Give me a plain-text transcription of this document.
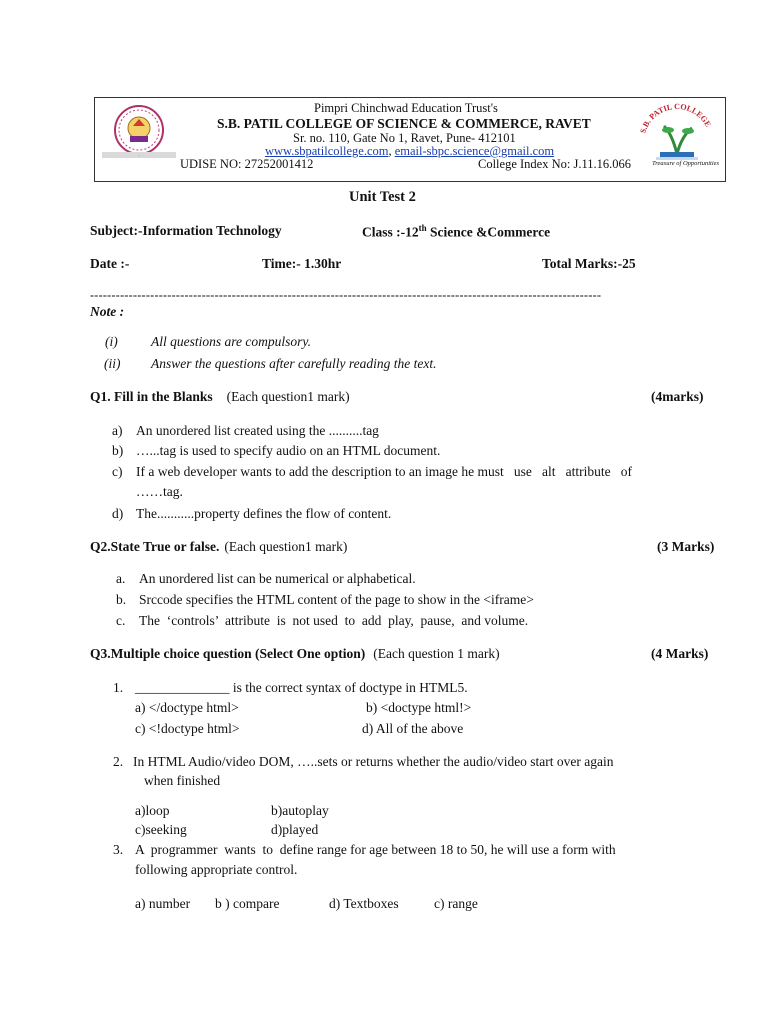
·
S.B. PATIL COLLEGE
Treasure of Opportunities
Pimpri Chinchwad Education Trust's
S.B. PATIL COLLEGE OF SCIENCE & COMMERCE, RAVET
Sr. no. 110, Gate No 1, Ravet, Pune- 412101
www.sbpatilcollege.com, email-sbpc.science@gmail.com
UDISE NO: 27252001412	College Index No: J.11.16.066
Unit Test 2
Subject:-Information Technology	Class :-12th Science &Commerce
Date :-	Time:- 1.30hr	Total Marks:-25
-----------------------------------------------------------------------------------------------------------------------
Note :
(i) All questions are compulsory.
(ii) Answer the questions after carefully reading the text.
Q1. Fill in the Blanks (Each question1 mark)	(4marks)
a) An unordered list created using the ..........tag
b) …...tag is used to specify audio on an HTML document.
c) If a web developer wants to add the description to an image he must   use   alt   attribute   of
……tag.
d) The...........property defines the flow of content.
Q2.State True or false. (Each question1 mark)	(3 Marks)
a. An unordered list can be numerical or alphabetical.
b. Srccode specifies the HTML content of the page to show in the <iframe>
c. The  ‘controls’  attribute  is  not used  to  add  play,  pause,  and volume.
Q3.Multiple choice question (Select One option) (Each question 1 mark)	(4 Marks)
1. ______________ is the correct syntax of doctype in HTML5.
a) </doctype html>	b) <doctype html!>
c) <!doctype html>	d) All of the above
2. In HTML Audio/video DOM, …..sets or returns whether the audio/video start over again
when finished
a)loop	b)autoplay
c)seeking	d)played
3. A  programmer  wants  to  define range for age between 18 to 50, he will use a form with
following appropriate control.
a) number b ) compare	d) Textboxes	c) range
